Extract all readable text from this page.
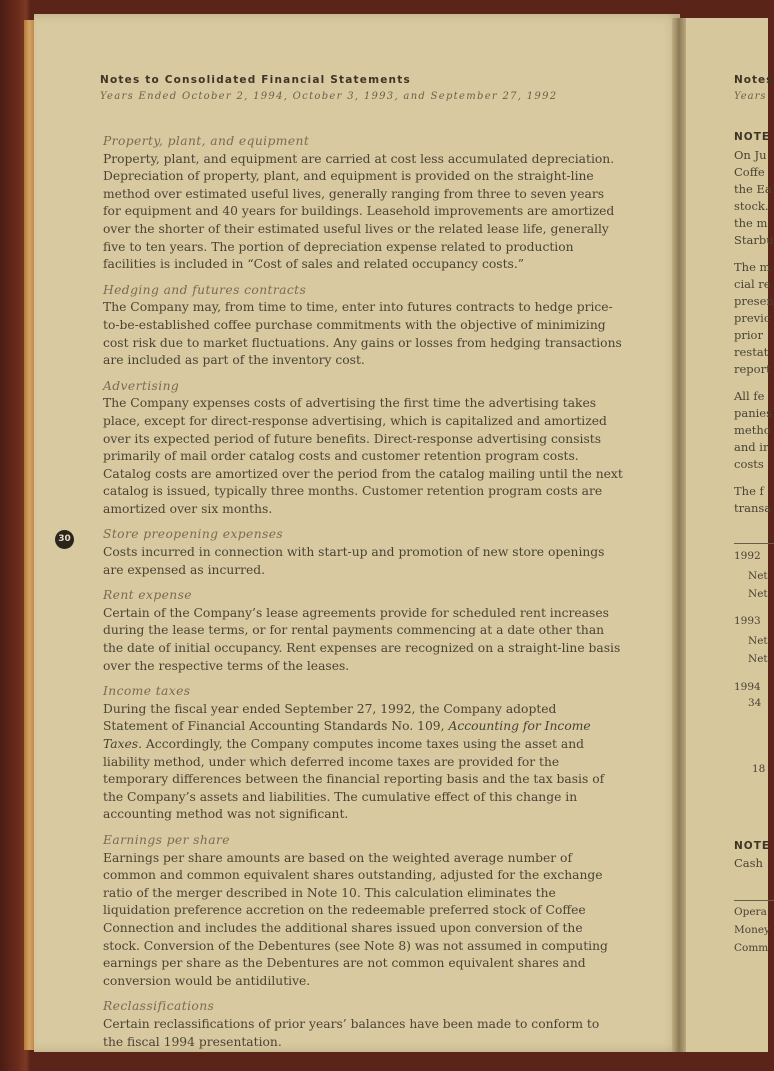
Notes to Consolidated Financial Statements
Years Ended October 2, 1994, October 3, 1993, and September 27, 1992
30
Property, plant, and equipment

Property, plant, and equipment are carried at cost less accumulated depreciation. Depreciation of property, plant, and equipment is provided on the straight-line method over estimated useful lives, generally ranging from three to seven years for equipment and 40 years for buildings. Leasehold improvements are amortized over the shorter of their estimated useful lives or the related lease life, generally five to ten years. The portion of depreciation expense related to production facilities is included in “Cost of sales and related occupancy costs.”

Hedging and futures contracts

The Company may, from time to time, enter into futures contracts to hedge price-to-be-established coffee purchase commitments with the objective of minimizing cost risk due to market fluctuations. Any gains or losses from hedging transactions are included as part of the inventory cost.

Advertising

The Company expenses costs of advertising the first time the advertising takes place, except for direct-response advertising, which is capitalized and amortized over its expected period of future benefits. Direct-response advertising consists primarily of mail order catalog costs and customer retention program costs. Catalog costs are amortized over the period from the catalog mailing until the next catalog is issued, typically three months. Customer retention program costs are amortized over six months.

Store preopening expenses

Costs incurred in connection with start-up and promotion of new store openings are expensed as incurred.

Rent expense

Certain of the Company’s lease agreements provide for scheduled rent increases during the lease terms, or for rental payments commencing at a date other than the date of initial occupancy. Rent expenses are recognized on a straight-line basis over the respective terms of the leases.

Income taxes

During the fiscal year ended September 27, 1992, the Company adopted Statement of Financial Accounting Standards No. 109, Accounting for Income Taxes. Accordingly, the Company computes income taxes using the asset and liability method, under which deferred income taxes are provided for the temporary differences between the financial reporting basis and the tax basis of the Company’s assets and liabilities. The cumulative effect of this change in accounting method was not significant.

Earnings per share

Earnings per share amounts are based on the weighted average number of common and common equivalent shares outstanding, adjusted for the exchange ratio of the merger described in Note 10. This calculation eliminates the liquidation preference accretion on the redeemable preferred stock of Coffee Connection and includes the additional shares issued upon conversion of the stock. Conversion of the Debentures (see Note 8) was not assumed in computing earnings per share as the Debentures are not common equivalent shares and conversion would be antidilutive.

Reclassifications

Certain reclassifications of prior years’ balances have been made to conform to the fiscal 1994 presentation.

Notes
Years
NOTE
On Ju
Coffe
the Ea
stock.
the m
Starbu
The m
cial re
presen
previc
prior
restat
report
All fe
panies
metho
and ir
costs
The f
transa
1992
Net
Net
1993
Net
Net
1994
34
18
NOTE
Cash
Opera
Money
Comm
